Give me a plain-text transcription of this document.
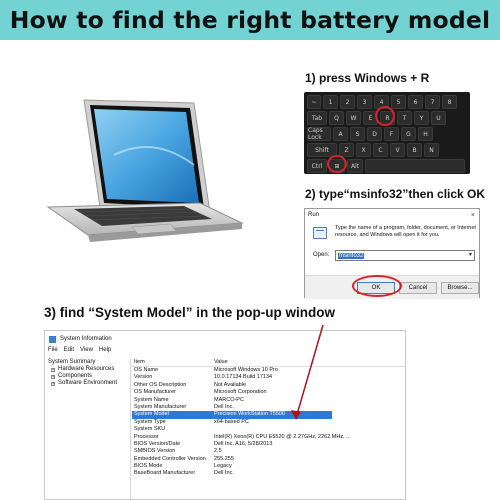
How to find the right battery model
1) press Windows + R
2) type“msinfo32”then click OK
3) find “System Model” in the pop-up window
~	1	2	3	4	5	6	7	8
Tab	Q	W	E	R	T	Y	U
Caps Lock	A	S	D	F	G	H
Shift	Z	X	C	V	B	N
Ctrl	⊞	Alt
Run	×
Type the name of a program, folder, document, or Internet resource, and Windows will open it for you.
Open: msinfo32	▾
OK	Cancel	Browse...
System Information
File Edit View Help
System Summary
+ Hardware Resources
+ Components
+ Software Environment
Item	Value
OS Name	Microsoft Windows 10 Pro
Version	10.0.17134 Build 17134
Other OS Description	Not Available
OS Manufacturer	Microsoft Corporation
System Name	MARCO-PC
System Manufacturer	Dell Inc.
System Model	Precision WorkStation T5500
System Type	x64-based PC
System SKU
Processor	Intel(R) Xeon(R) CPU E5520 @ 2.27GHz, 2262 MHz, ...
BIOS Version/Date	Dell Inc. A16, 5/28/2013
SMBIOS Version	2.5
Embedded Controller Version	255.255
BIOS Mode	Legacy
BaseBoard Manufacturer	Dell Inc.
